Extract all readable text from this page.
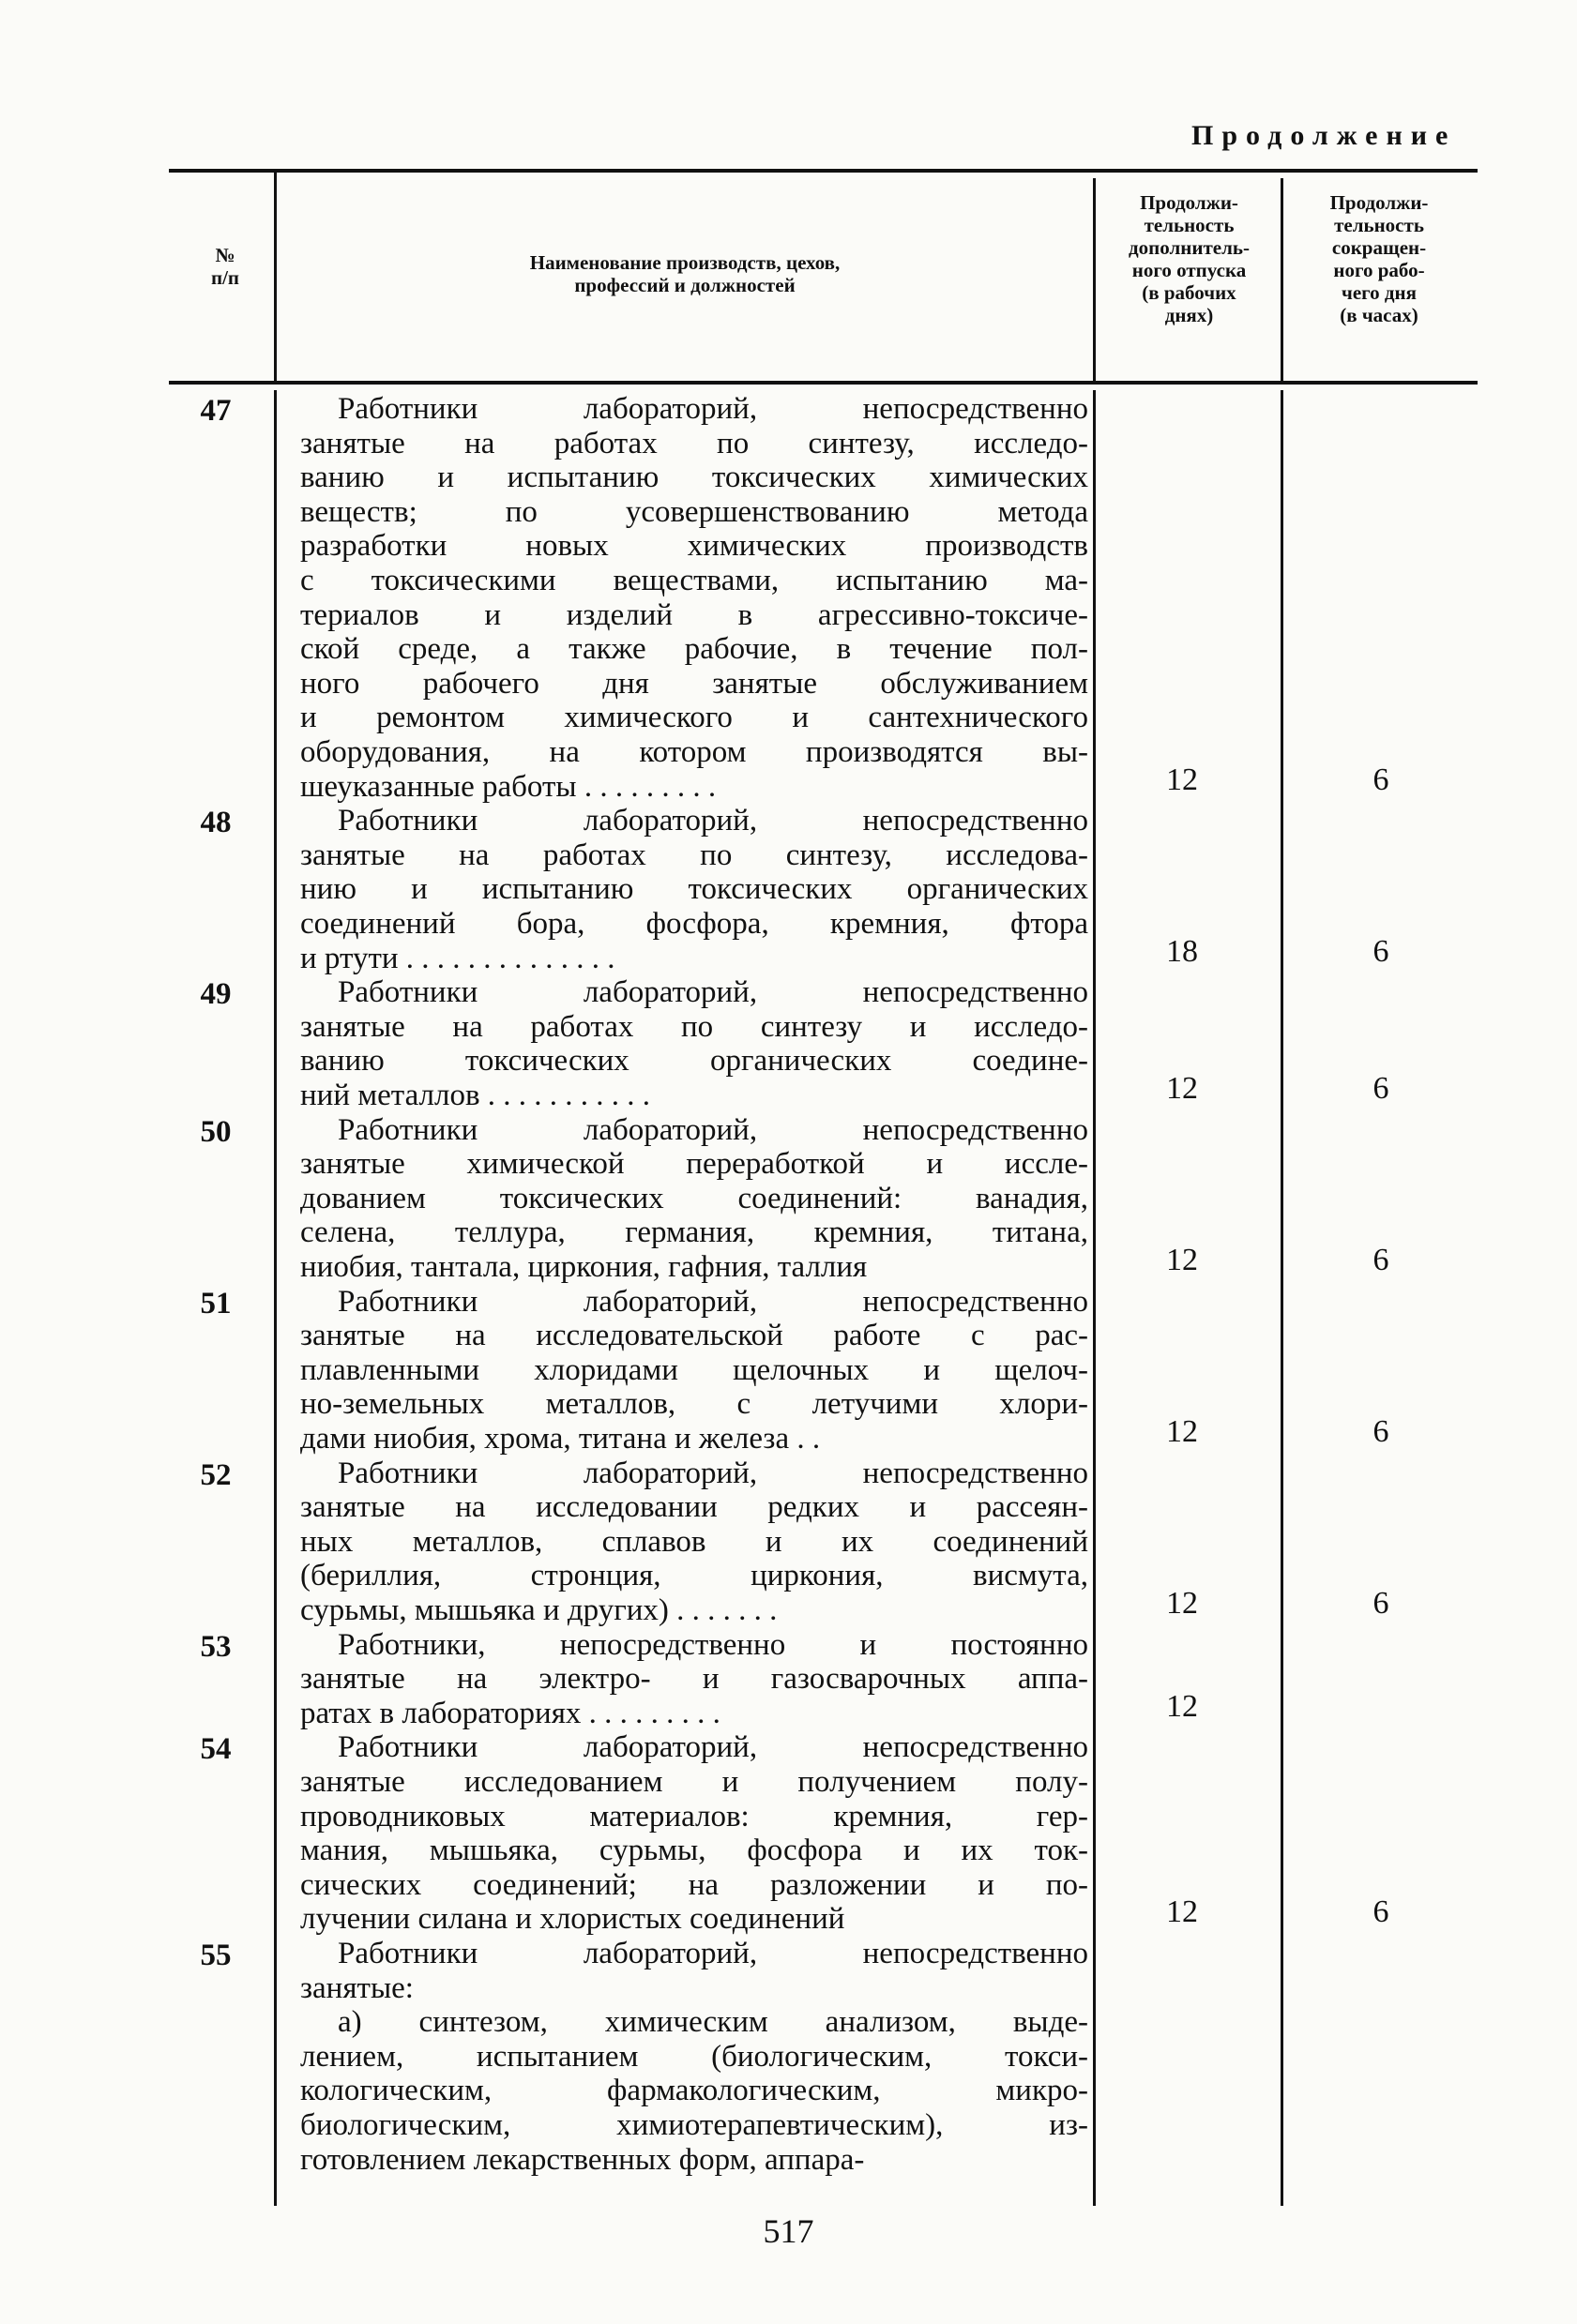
Продолжение
№
п/п
Наименование производств, цехов,
профессий и должностей
Продолжи-
тельность
дополнитель-
ного отпуска
(в рабочих
днях)
Продолжи-
тельность
сокращен-
ного рабо-
чего дня
(в часах)
47	Работники лабораторий, непосредственно
занятые на работах по синтезу, исследо-
ванию и испытанию токсических химических
веществ; по усовершенствованию метода
разработки новых химических производств
с токсическими веществами, испытанию ма-
териалов и изделий в агрессивно-токсиче-
ской среде, а также рабочие, в течение пол-
ного рабочего дня занятые обслуживанием
и ремонтом химического и сантехнического
оборудования, на котором производятся вы-
шеуказанные работы . . . . . . . . .	12	6
48	Работники лабораторий, непосредственно
занятые на работах по синтезу, исследова-
нию и испытанию токсических органических
соединений бора, фосфора, кремния, фтора
и ртути . . . . . . . . . . . . . .	18	6
49	Работники лабораторий, непосредственно
занятые на работах по синтезу и исследо-
ванию токсических органических соедине-
ний металлов . . . . . . . . . . .	12	6
50	Работники лабораторий, непосредственно
занятые химической переработкой и иссле-
дованием токсических соединений: ванадия,
селена, теллура, германия, кремния, титана,
ниобия, тантала, циркония, гафния, таллия	12	6
51	Работники лабораторий, непосредственно
занятые на исследовательской работе с рас-
плавленными хлоридами щелочных и щелоч-
но-земельных металлов, с летучими хлори-
дами ниобия, хрома, титана и железа . .	12	6
52	Работники лабораторий, непосредственно
занятые на исследовании редких и рассеян-
ных металлов, сплавов и их соединений
(бериллия, стронция, циркония, висмута,
сурьмы, мышьяка и других) . . . . . . .	12	6
53	Работники, непосредственно и постоянно
занятые на электро- и газосварочных аппа-
ратах в лабораториях . . . . . . . . .	12
54	Работники лабораторий, непосредственно
занятые исследованием и получением полу-
проводниковых материалов: кремния, гер-
мания, мышьяка, сурьмы, фосфора и их ток-
сических соединений; на разложении и по-
лучении силана и хлористых соединений	12	6
55	Работники лабораторий, непосредственно
занятые:
а) синтезом, химическим анализом, выде-
лением, испытанием (биологическим, токси-
кологическим, фармакологическим, микро-
биологическим, химиотерапевтическим), из-
готовлением лекарственных форм, аппара-
517
